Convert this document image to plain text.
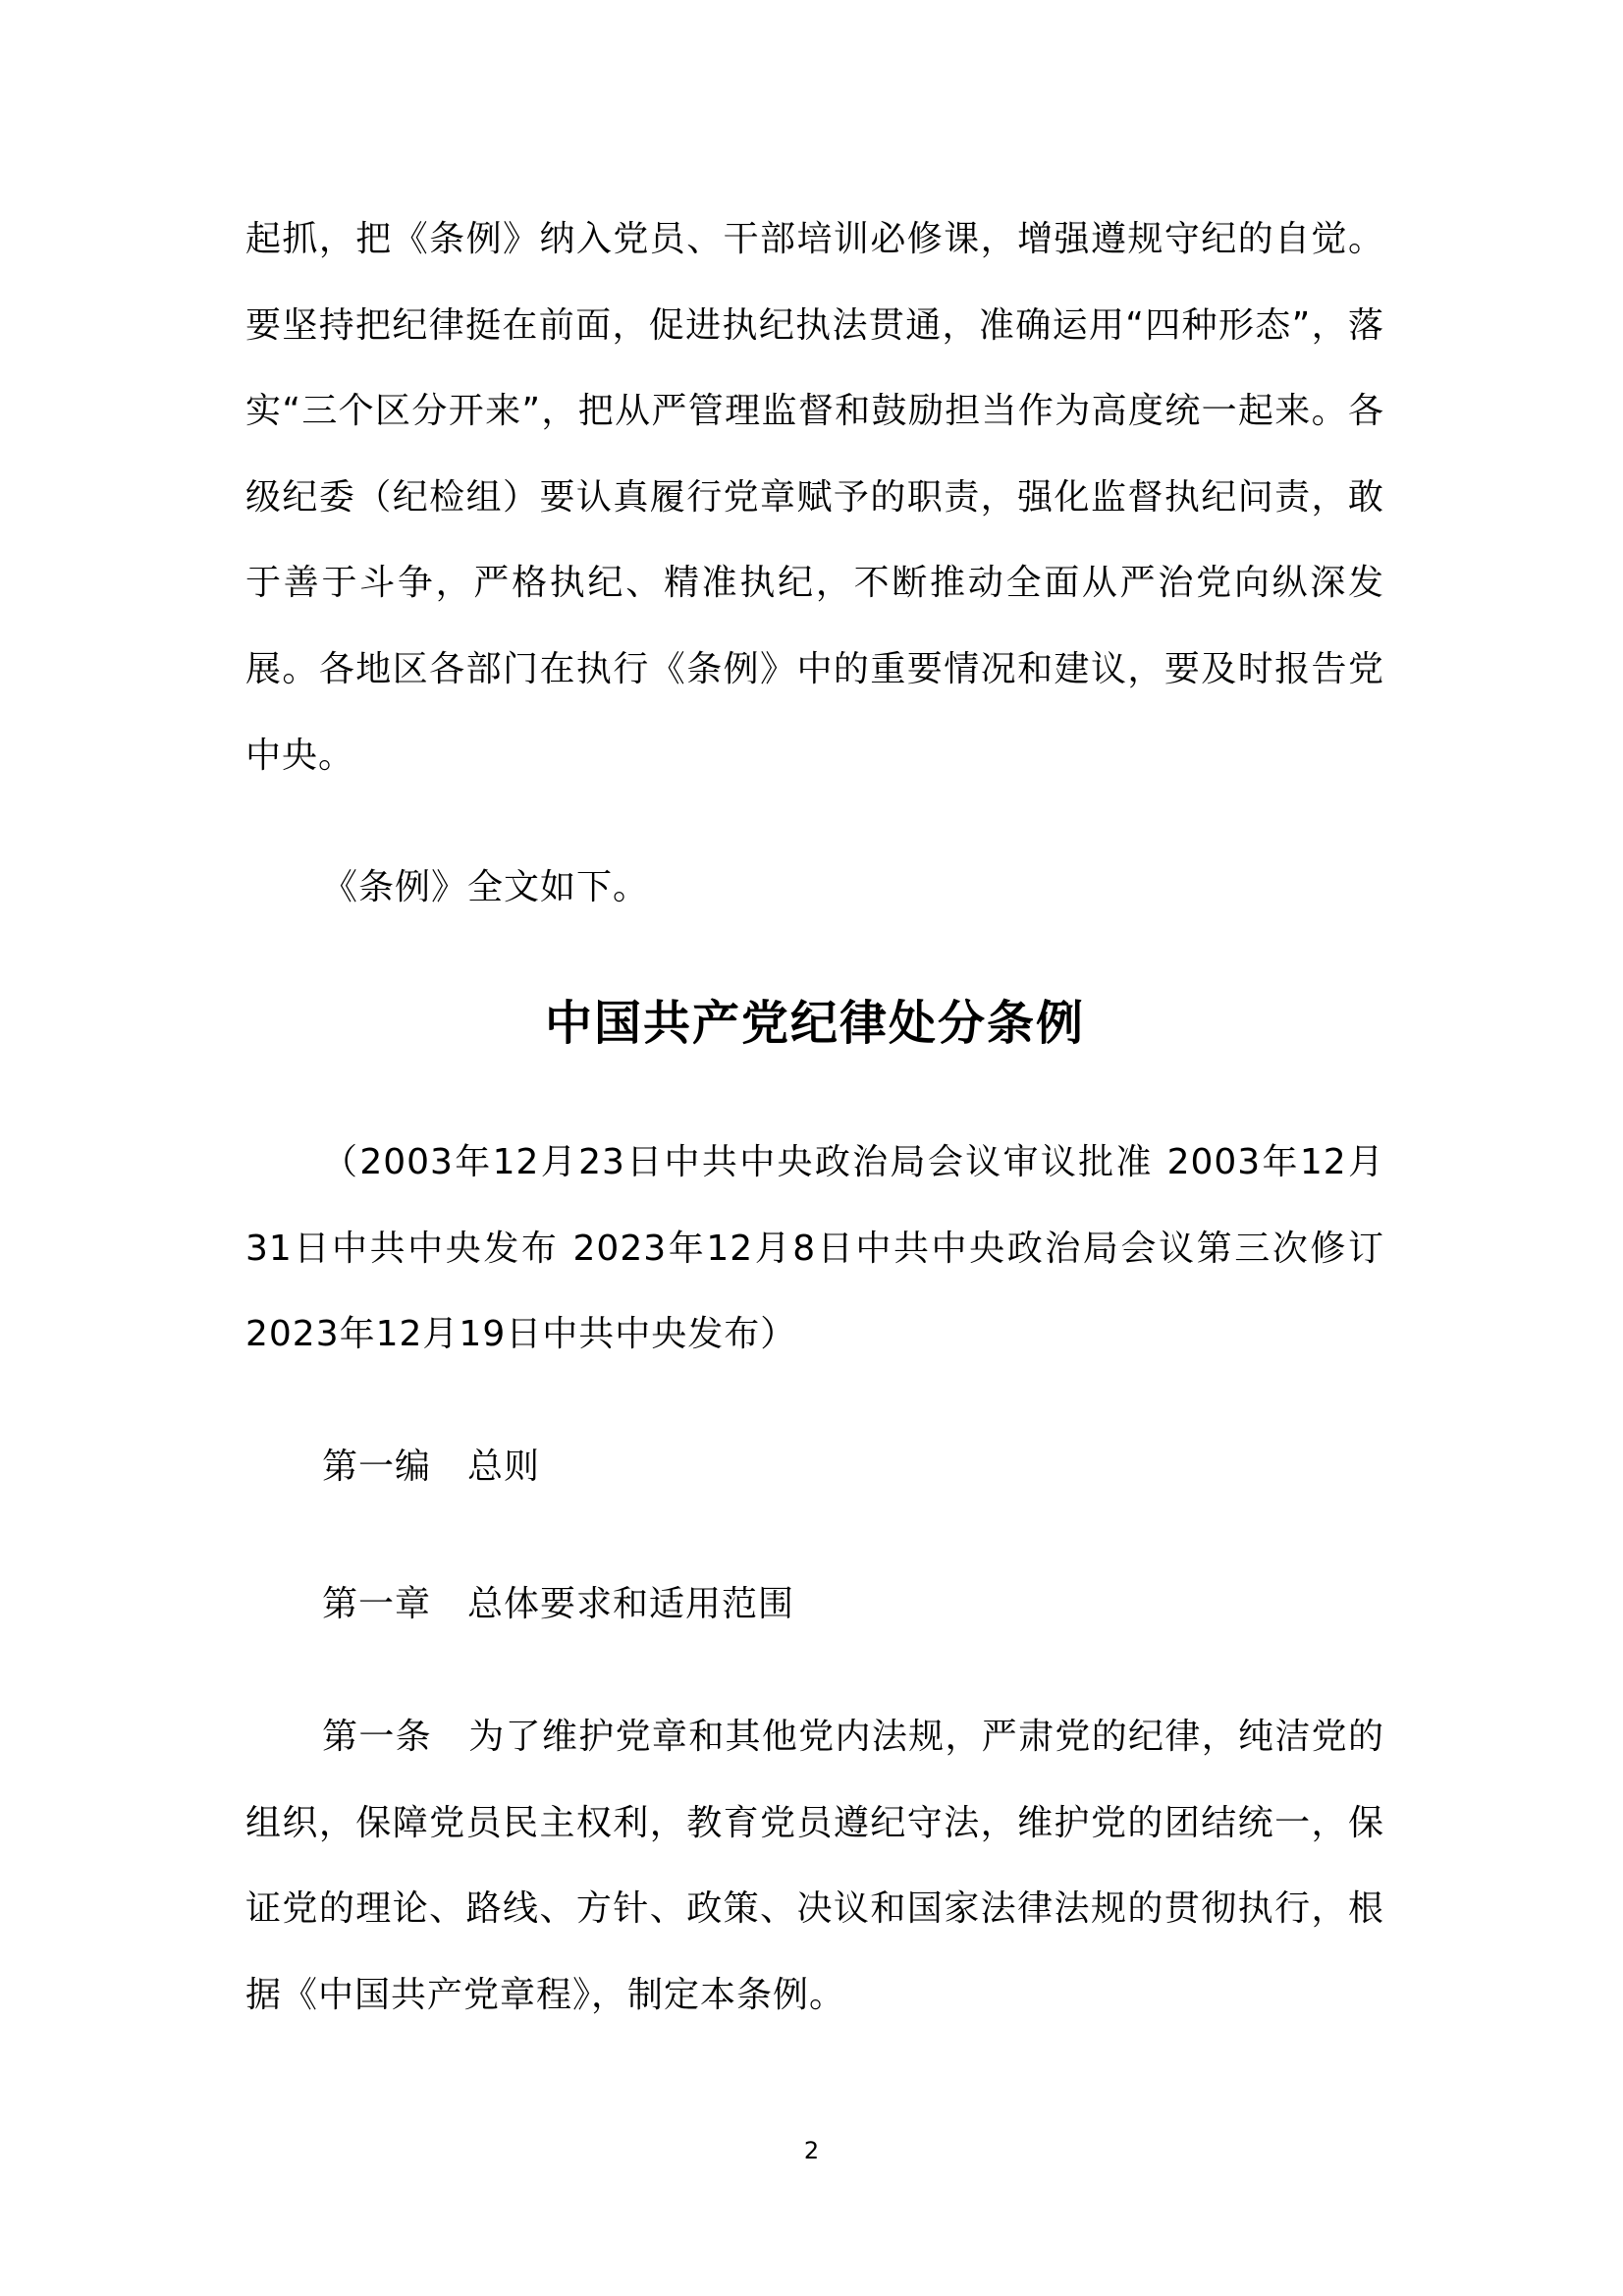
起抓，把《条例》纳入党员、干部培训必修课，增强遵规守纪的自觉。要坚持把纪律挺在前面，促进执纪执法贯通，准确运用“四种形态”，落实“三个区分开来”，把从严管理监督和鼓励担当作为高度统一起来。各级纪委（纪检组）要认真履行党章赋予的职责，强化监督执纪问责，敢于善于斗争，严格执纪、精准执纪，不断推动全面从严治党向纵深发展。各地区各部门在执行《条例》中的重要情况和建议，要及时报告党中央。

《条例》全文如下。

中国共产党纪律处分条例

（2003年12月23日中共中央政治局会议审议批准 2003年12月31日中共中央发布 2023年12月8日中共中央政治局会议第三次修订 2023年12月19日中共中央发布）

第一编　总则

第一章　总体要求和适用范围

第一条　为了维护党章和其他党内法规，严肃党的纪律，纯洁党的组织，保障党员民主权利，教育党员遵纪守法，维护党的团结统一，保证党的理论、路线、方针、政策、决议和国家法律法规的贯彻执行，根据《中国共产党章程》，制定本条例。

2
